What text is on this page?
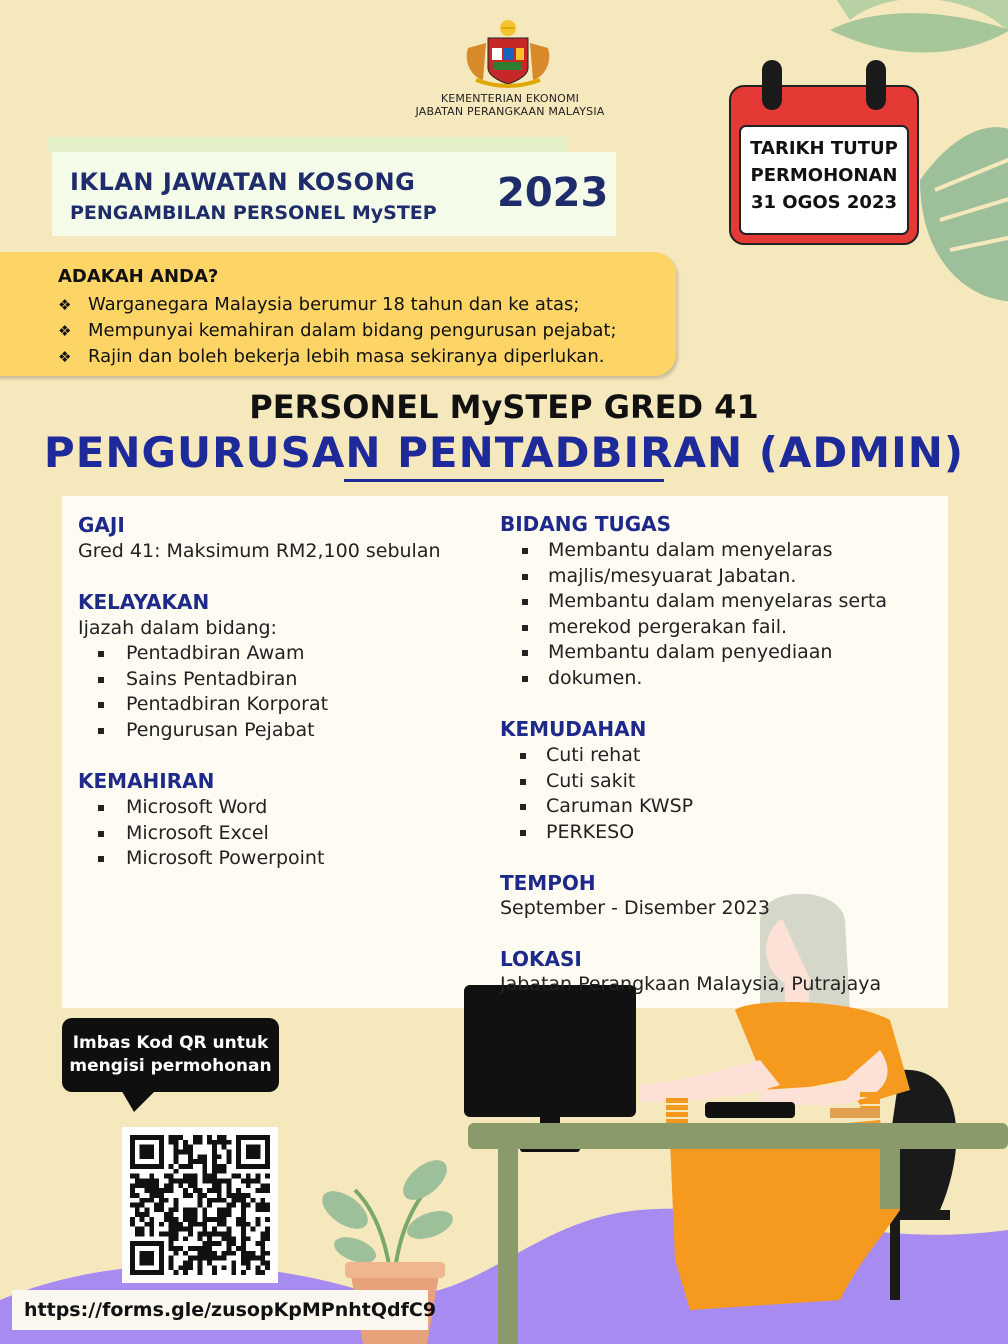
KEMENTERIAN EKONOMI
JABATAN PERANGKAAN MALAYSIA
IKLAN JAWATAN KOSONG
PENGAMBILAN PERSONEL MySTEP 2023
TARIKH TUTUP
PERMOHONAN
31 OGOS 2023
ADAKAH ANDA?
❖ Warganegara Malaysia berumur 18 tahun dan ke atas;
❖ Mempunyai kemahiran dalam bidang pengurusan pejabat;
❖ Rajin dan boleh bekerja lebih masa sekiranya diperlukan.
PERSONEL MySTEP GRED 41
PENGURUSAN PENTADBIRAN (ADMIN)
GAJI
Gred 41: Maksimum RM2,100 sebulan
KELAYAKAN
Ijazah dalam bidang:
Pentadbiran Awam
Sains Pentadbiran
Pentadbiran Korporat
Pengurusan Pejabat
KEMAHIRAN
Microsoft Word
Microsoft Excel
Microsoft Powerpoint
BIDANG TUGAS
Membantu dalam menyelaras
majlis/mesyuarat Jabatan.
Membantu dalam menyelaras serta
merekod pergerakan fail.
Membantu dalam penyediaan
dokumen.
KEMUDAHAN
Cuti rehat
Cuti sakit
Caruman KWSP
PERKESO
TEMPOH
September - Disember 2023
LOKASI
Jabatan Perangkaan Malaysia, Putrajaya
Imbas Kod QR untuk
mengisi permohonan
https://forms.gle/zusopKpMPnhtQdfC9
